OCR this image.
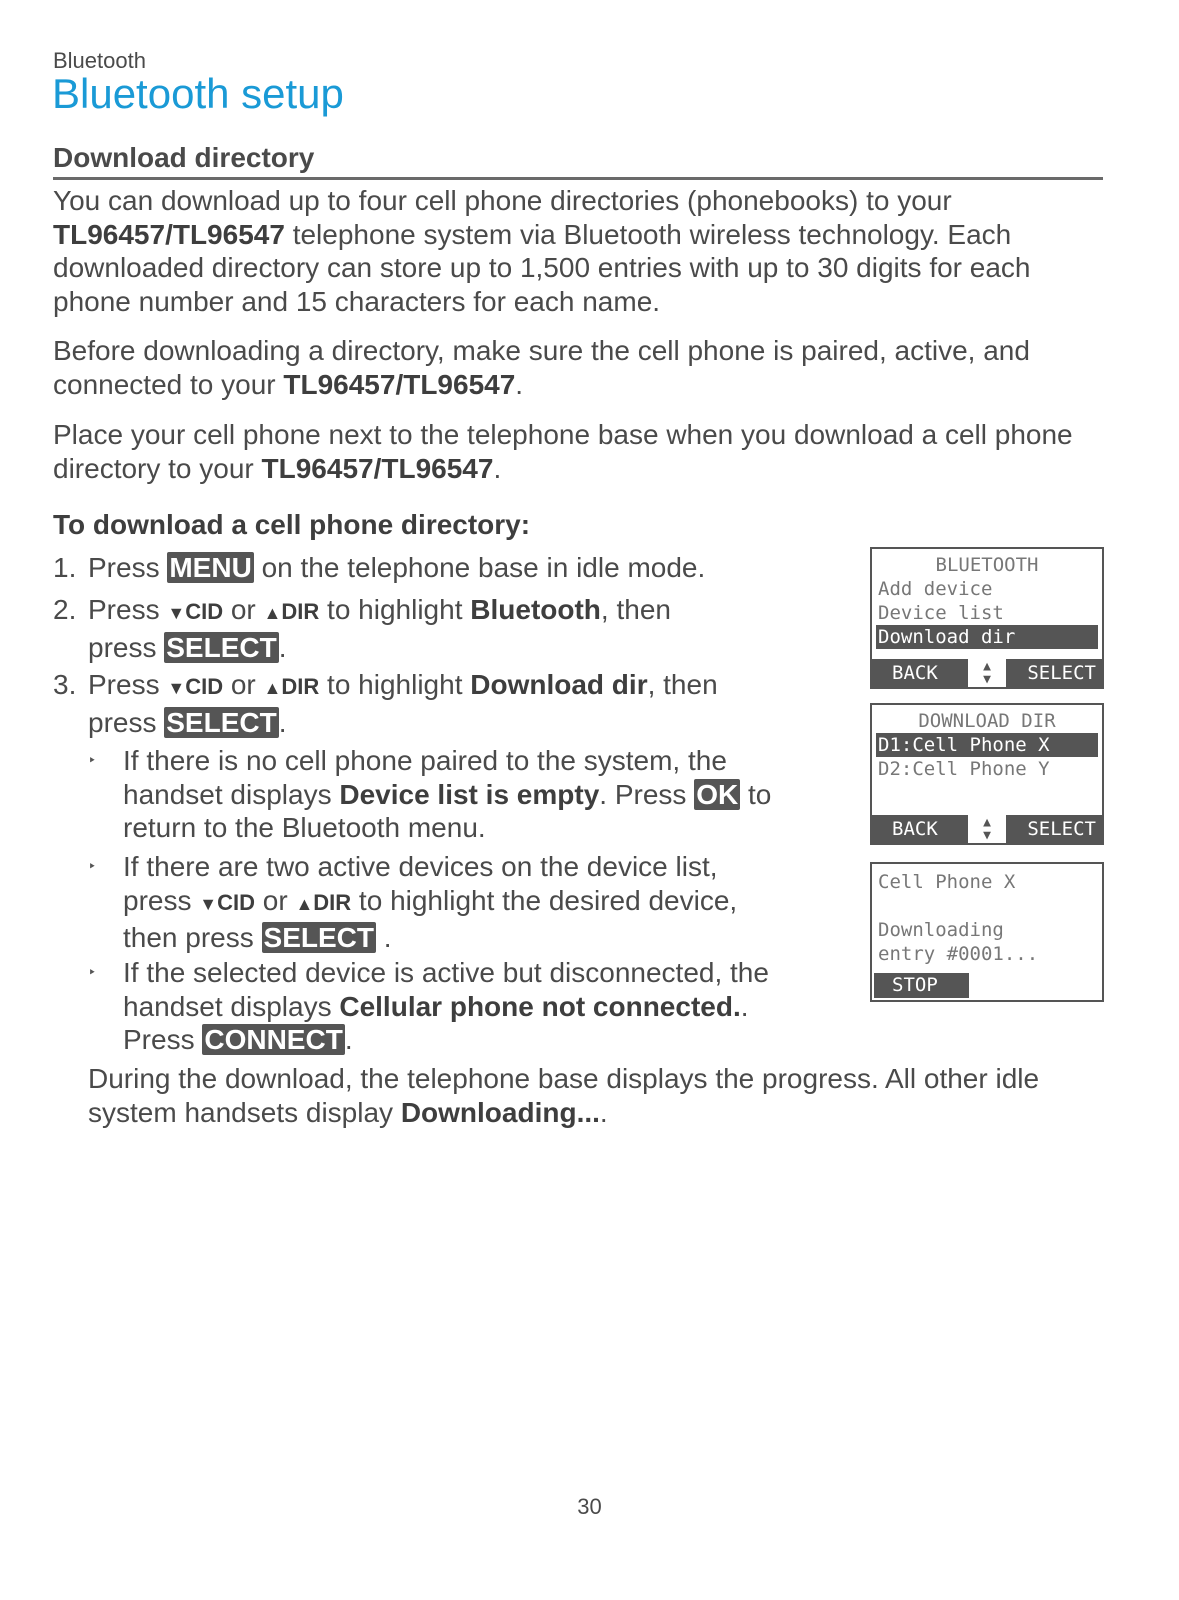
Bluetooth
Bluetooth setup
Download directory

You can download up to four cell phone directories (phonebooks) to your
TL96457/TL96547 telephone system via Bluetooth wireless technology. Each downloaded directory can store up to 1,500 entries with up to 30 digits for each phone number and 15 characters for each name.

Before downloading a directory, make sure the cell phone is paired, active, and connected to your TL96457/TL96547.

Place your cell phone next to the telephone base when you download a cell phone directory to your TL96457/TL96547.

To download a cell phone directory:
1. Press MENU on the telephone base in idle mode.
2. Press ▼CID or ▲DIR to highlight Bluetooth, then
press SELECT.
3. Press ▼CID or ▲DIR to highlight Download dir, then
press SELECT.
‣ If there is no cell phone paired to the system, the
handset displays Device list is empty. Press OK to
return to the Bluetooth menu.
‣ If there are two active devices on the device list,
press ▼CID or ▲DIR to highlight the desired device,
then press SELECT .
‣ If the selected device is active but disconnected, the
handset displays Cellular phone not connected..
Press CONNECT.

During the download, the telephone base displays the progress. All other idle system handsets display Downloading....

BLUETOOTH
Add device
Device list
Download dir
BACK	▲
▼	SELECT
DOWNLOAD DIR
D1:Cell Phone X
D2:Cell Phone Y
BACK	▲
▼	SELECT
Cell Phone X
Downloading
entry #0001...
STOP
30
